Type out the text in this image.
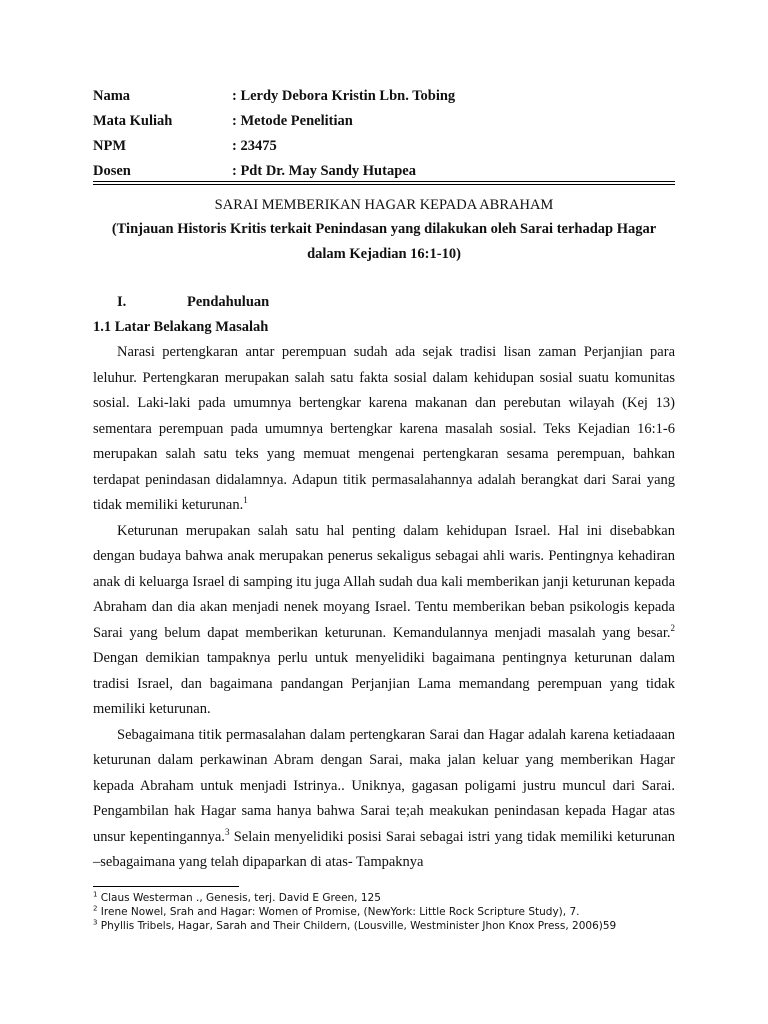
Nama	: Lerdy Debora Kristin Lbn. Tobing
Mata Kuliah	: Metode Penelitian
NPM	: 23475
Dosen	: Pdt Dr. May Sandy Hutapea
SARAI MEMBERIKAN HAGAR KEPADA ABRAHAM
(Tinjauan Historis Kritis terkait Penindasan yang dilakukan oleh Sarai terhadap Hagar
dalam Kejadian 16:1-10)
I.	Pendahuluan
1.1 Latar Belakang Masalah

Narasi pertengkaran antar perempuan sudah ada sejak tradisi lisan zaman Perjanjian para leluhur. Pertengkaran merupakan salah satu fakta sosial dalam kehidupan sosial suatu komunitas sosial. Laki-laki pada umumnya bertengkar karena makanan dan perebutan wilayah (Kej 13) sementara perempuan pada umumnya bertengkar karena masalah sosial. Teks Kejadian 16:1-6 merupakan salah satu teks yang memuat mengenai pertengkaran sesama perempuan, bahkan terdapat penindasan didalamnya. Adapun titik permasalahannya adalah berangkat dari Sarai yang tidak memiliki keturunan.$^1$

Keturunan merupakan salah satu hal penting dalam kehidupan Israel. Hal ini disebabkan dengan budaya bahwa anak merupakan penerus sekaligus sebagai ahli waris. Pentingnya kehadiran anak di keluarga Israel di samping itu juga Allah sudah dua kali memberikan janji keturunan kepada Abraham dan dia akan menjadi nenek moyang Israel. Tentu memberikan beban psikologis kepada Sarai yang belum dapat memberikan keturunan. Kemandulannya menjadi masalah yang besar.$^2$ Dengan demikian tampaknya perlu untuk menyelidiki bagaimana pentingnya keturunan dalam tradisi Israel, dan bagaimana pandangan Perjanjian Lama memandang perempuan yang tidak memiliki keturunan.

Sebagaimana titik permasalahan dalam pertengkaran Sarai dan Hagar adalah karena ketiadaaan keturunan dalam perkawinan Abram dengan Sarai, maka jalan keluar yang memberikan Hagar kepada Abraham untuk menjadi Istrinya.. Uniknya, gagasan poligami justru muncul dari Sarai. Pengambilan hak Hagar sama hanya bahwa Sarai te;ah meakukan penindasan kepada Hagar atas unsur kepentingannya.$^3$ Selain menyelidiki posisi Sarai sebagai istri yang tidak memiliki keturunan –sebagaimana yang telah dipaparkan di atas- Tampaknya

$^1$ Claus Westerman ., Genesis, terj. David E Green, 125
$^2$ Irene Nowel, Srah and Hagar: Women of Promise, (NewYork: Little Rock Scripture Study), 7.
$^3$ Phyllis Tribels, Hagar, Sarah and Their Childern, (Lousville, Westminister Jhon Knox Press, 2006)59
